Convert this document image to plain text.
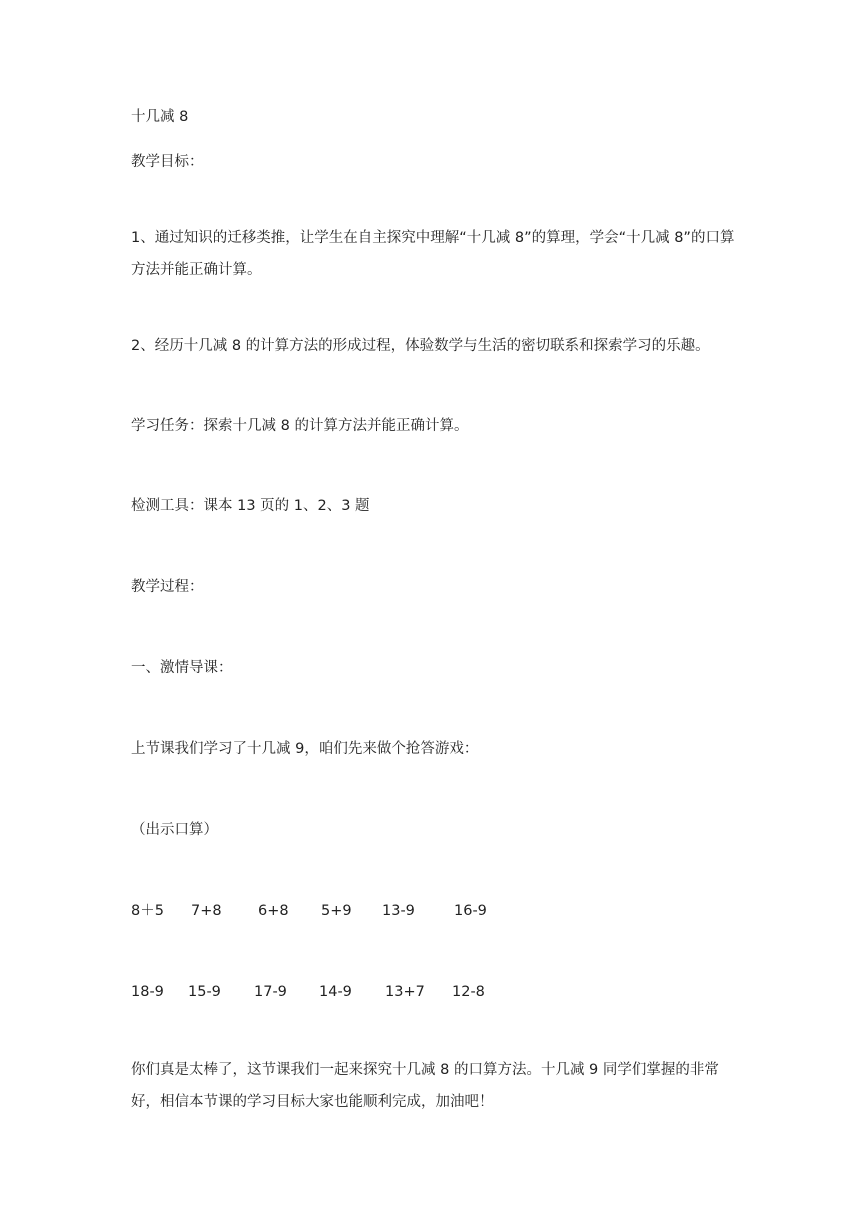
十几减 8
教学目标：
1、通过知识的迁移类推，让学生在自主探究中理解“十几减 8”的算理，学会“十几减 8”的口算方法并能正确计算。
2、经历十几减 8 的计算方法的形成过程，体验数学与生活的密切联系和探索学习的乐趣。
学习任务：探索十几减 8 的计算方法并能正确计算。
检测工具：课本 13 页的 1、2、3 题
教学过程：
一、激情导课：
上节课我们学习了十几减 9，咱们先来做个抢答游戏：
（出示口算）
8＋5 7+8	6+8 5+9 13-9	16-9
18-9 15-9 17-9 14-9 13+7 12-8
你们真是太棒了，这节课我们一起来探究十几减 8 的口算方法。十几减 9 同学们掌握的非常好，相信本节课的学习目标大家也能顺利完成，加油吧！
